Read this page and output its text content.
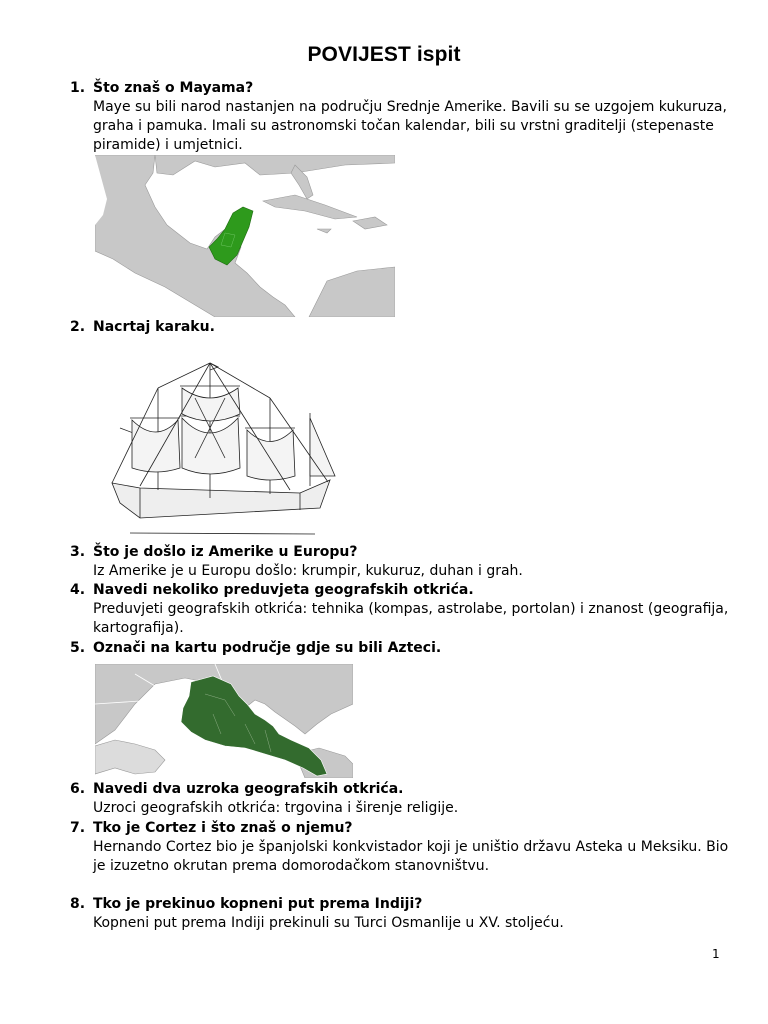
POVIJEST ispit
1. Što znaš o Mayama?
Maye su bili narod nastanjen na području Srednje Amerike. Bavili su se uzgojem kukuruza, graha i pamuka. Imali su astronomski točan kalendar, bili su vrstni graditelji (stepenaste piramide) i umjetnici.
2. Nacrtaj karaku.
3. Što je došlo iz Amerike u Europu?
Iz Amerike je u Europu došlo: krumpir, kukuruz, duhan i grah.
4. Navedi nekoliko preduvjeta geografskih otkrića.
Preduvjeti geografskih otkrića: tehnika (kompas, astrolabe, portolan) i znanost (geografija, kartografija).
5. Označi na kartu područje gdje su bili Azteci.
6. Navedi dva uzroka geografskih otkrića.
Uzroci geografskih otkrića: trgovina i širenje religije.
7. Tko je Cortez i što znaš o njemu?
Hernando Cortez bio je španjolski konkvistador koji je uništio državu Asteka u Meksiku. Bio je izuzetno okrutan prema domorodačkom stanovništvu.
8. Tko je prekinuo kopneni put prema Indiji?
Kopneni put prema Indiji prekinuli su Turci Osmanlije u XV. stoljeću.
1
